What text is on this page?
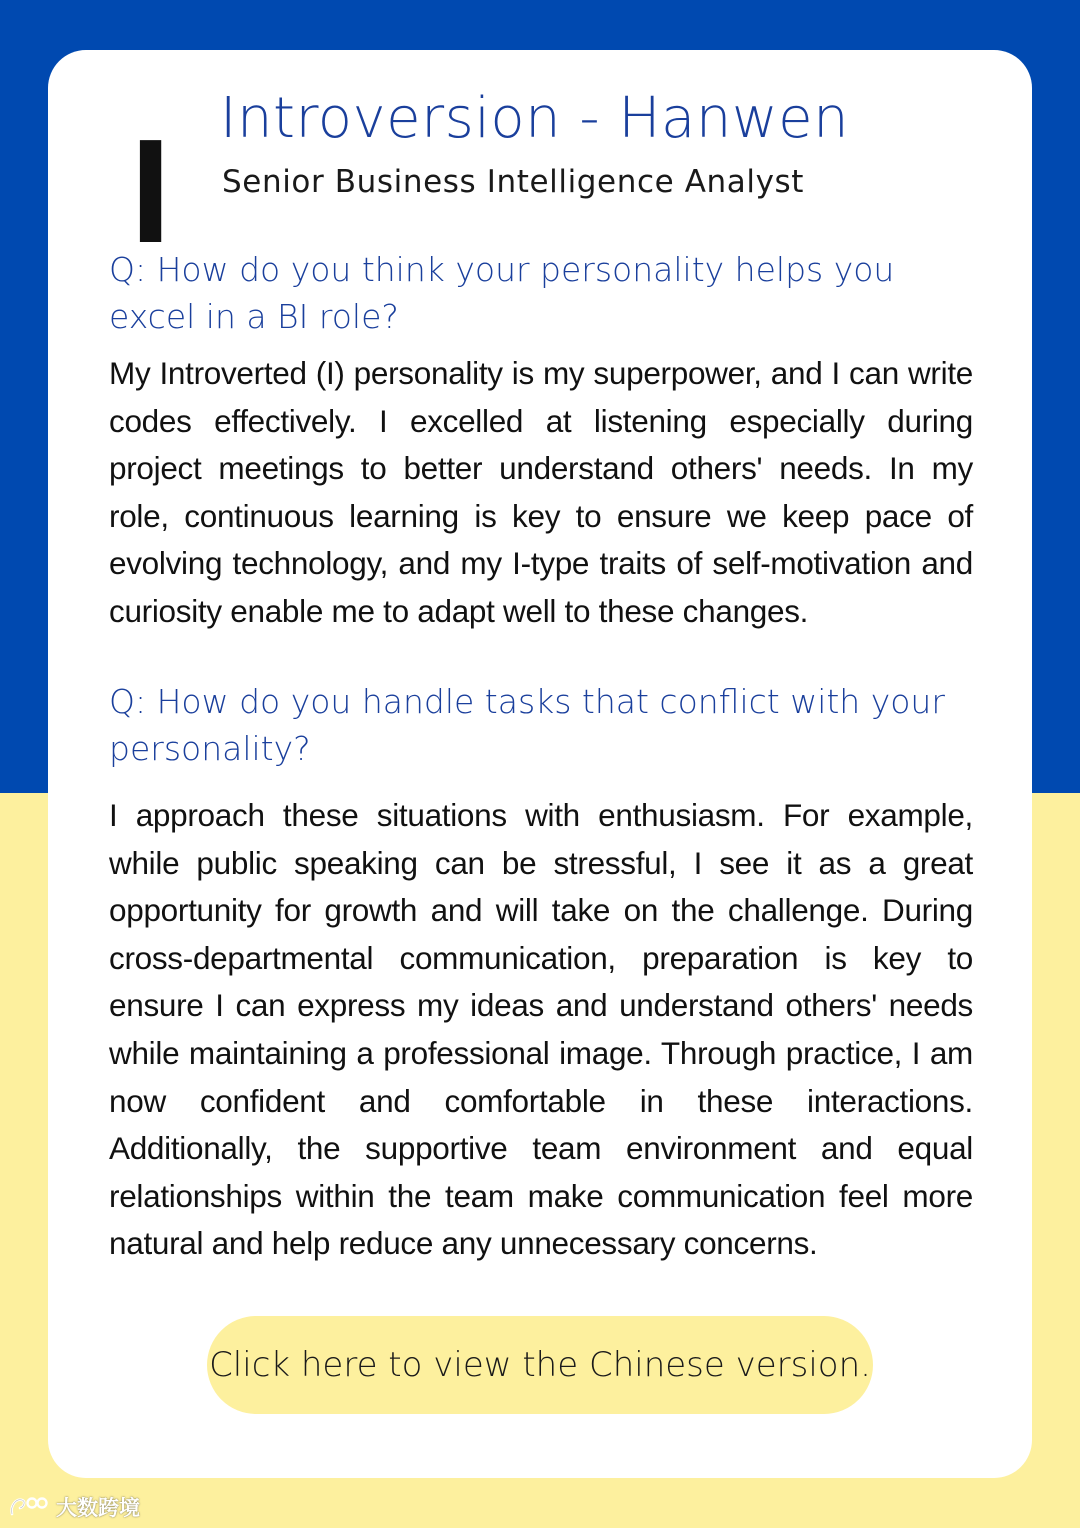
I Introversion - Hanwen
Senior Business Intelligence Analyst
Q: How do you think your personality helps you excel in a BI role?
My Introverted (I) personality is my superpower, and I can write codes effectively. I excelled at listening especially during project meetings to better understand others' needs. In my role, continuous learning is key to ensure we keep pace of evolving technology, and my I-type traits of self-motivation and curiosity enable me to adapt well to these changes.
Q: How do you handle tasks that conflict with your personality?
I approach these situations with enthusiasm. For example, while public speaking can be stressful, I see it as a great opportunity for growth and will take on the challenge. During cross-departmental communication, preparation is key to ensure I can express my ideas and understand others' needs while maintaining a professional image. Through practice, I am now confident and comfortable in these interactions. Additionally, the supportive team environment and equal relationships within the team make communication feel more natural and help reduce any unnecessary concerns.
Click here to view the Chinese version.
大数跨境
